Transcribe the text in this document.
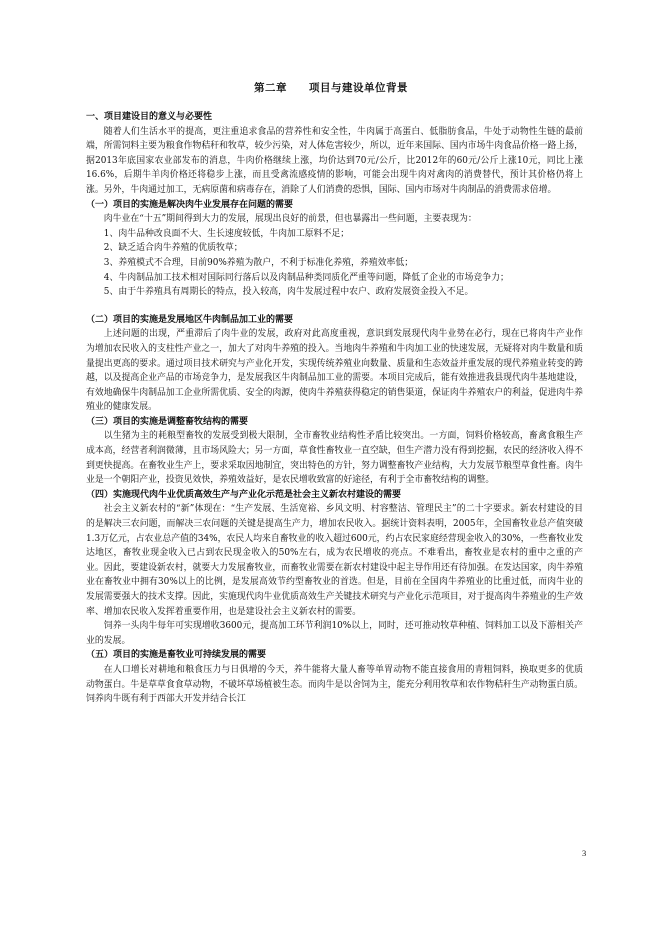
第二章 项目与建设单位背景

一、项目建设目的意义与必要性

随着人们生活水平的提高，更注重追求食品的营养性和安全性，牛肉属于高蛋白、低脂肪食品，牛处于动物性生链的最前端，所需饲料主要为粮食作物秸秆和牧草，较少污染，对人体危害较少，所以，近年来国际、国内市场牛肉食品价格一路上扬，据2013年底国家农业部发布的消息，牛肉价格继续上涨，均价达到70元/公斤，比2012年的60元/公斤上涨10元，同比上涨16.6%，后期牛羊肉价格还将稳步上涨，而且受禽流感疫情的影响，可能会出现牛肉对禽肉的消费替代，预计其价格仍将上涨。另外，牛肉通过加工，无病原菌和病毒存在，消除了人们消费的恐惧，国际、国内市场对牛肉制品的消费需求倍增。

（一）项目的实施是解决肉牛业发展存在问题的需要

肉牛业在“十五”期间得到大力的发展，展现出良好的前景，但也暴露出一些问题，主要表现为：

1、肉牛品种改良面不大、生长速度较低，牛肉加工原料不足；

2、缺乏适合肉牛养殖的优质牧草；

3、养殖模式不合理，目前90%养殖为散户，不利于标准化养殖，养殖效率低；

4、牛肉制品加工技术相对国际同行落后以及肉制品种类同质化严重等问题，降低了企业的市场竞争力；

5、由于牛养殖具有周期长的特点，投入较高，肉牛发展过程中农户、政府发展资金投入不足。

（二）项目的实施是发展地区牛肉制品加工业的需要

上述问题的出现，严重滞后了肉牛业的发展，政府对此高度重视，意识到发展现代肉牛业势在必行，现在已将肉牛产业作为增加农民收入的支柱性产业之一，加大了对肉牛养殖的投入。当地肉牛养殖和牛肉加工业的快速发展，无疑将对肉牛数量和质量提出更高的要求。通过项目技术研究与产业化开发，实现传统养殖业向数量、质量和生态效益并重发展的现代养殖业转变的跨越，以及提高企业产品的市场竞争力，是发展我区牛肉制品加工业的需要。本项目完成后，能有效推进我县现代肉牛基地建设，有效地确保牛肉制品加工企业所需优质、安全的肉源，使肉牛养殖获得稳定的销售渠道，保证肉牛养殖农户的利益，促进肉牛养殖业的健康发展。

（三）项目的实施是调整畜牧结构的需要

以生猪为主的耗粮型畜牧的发展受到极大限制，全市畜牧业结构性矛盾比较突出。一方面，饲料价格较高，畜禽食粮生产成本高，经营者利润微薄，且市场风险大；另一方面，草食性畜牧业一直空缺，但生产潜力没有得到挖掘，农民的经济收入得不到更快提高。在畜牧业生产上，要求采取因地制宜，突出特色的方针，努力调整畜牧产业结构，大力发展节粮型草食性畜。肉牛业是一个朝阳产业，投资见效快，养殖效益好，是农民增收致富的好途径，有利于全市畜牧结构的调整。

（四）实施现代肉牛业优质高效生产与产业化示范是社会主义新农村建设的需要

社会主义新农村的“新”体现在：“生产发展、生活宽裕、乡风文明、村容整洁、管理民主”的二十字要求。新农村建设的目的是解决三农问题，而解决三农问题的关键是提高生产力，增加农民收入。据统计资料表明，2005年，全国畜牧业总产值突破1.3万亿元，占农业总产值的34%，农民人均来自畜牧业的收入超过600元，约占农民家庭经营现金收入的30%，一些畜牧业发达地区，畜牧业现金收入已占到农民现金收入的50%左右，成为农民增收的亮点。不难看出，畜牧业是农村的重中之重的产业。因此，要建设新农村，就要大力发展畜牧业，而畜牧业需要在新农村建设中起主导作用还有待加强。在发达国家，肉牛养殖业在畜牧业中拥有30%以上的比例，是发展高效节约型畜牧业的首选。但是，目前在全国肉牛养殖业的比重过低，而肉牛业的发展需要强大的技术支撑。因此，实施现代肉牛业优质高效生产关键技术研究与产业化示范项目，对于提高肉牛养殖业的生产效率、增加农民收入发挥着重要作用，也是建设社会主义新农村的需要。

饲养一头肉牛每年可实现增收3600元，提高加工环节利润10%以上，同时，还可推动牧草种植、饲料加工以及下游相关产业的发展。

（五）项目的实施是畜牧业可持续发展的需要

在人口增长对耕地和粮食压力与日俱增的今天，养牛能将大量人畜等单胃动物不能直接食用的青粗饲料，换取更多的优质动物蛋白。牛是草草食食草动物，不破坏草场植被生态。而肉牛是以舍饲为主，能充分利用牧草和农作物秸秆生产动物蛋白质。饲养肉牛既有利于西部大开发并结合长江

3
